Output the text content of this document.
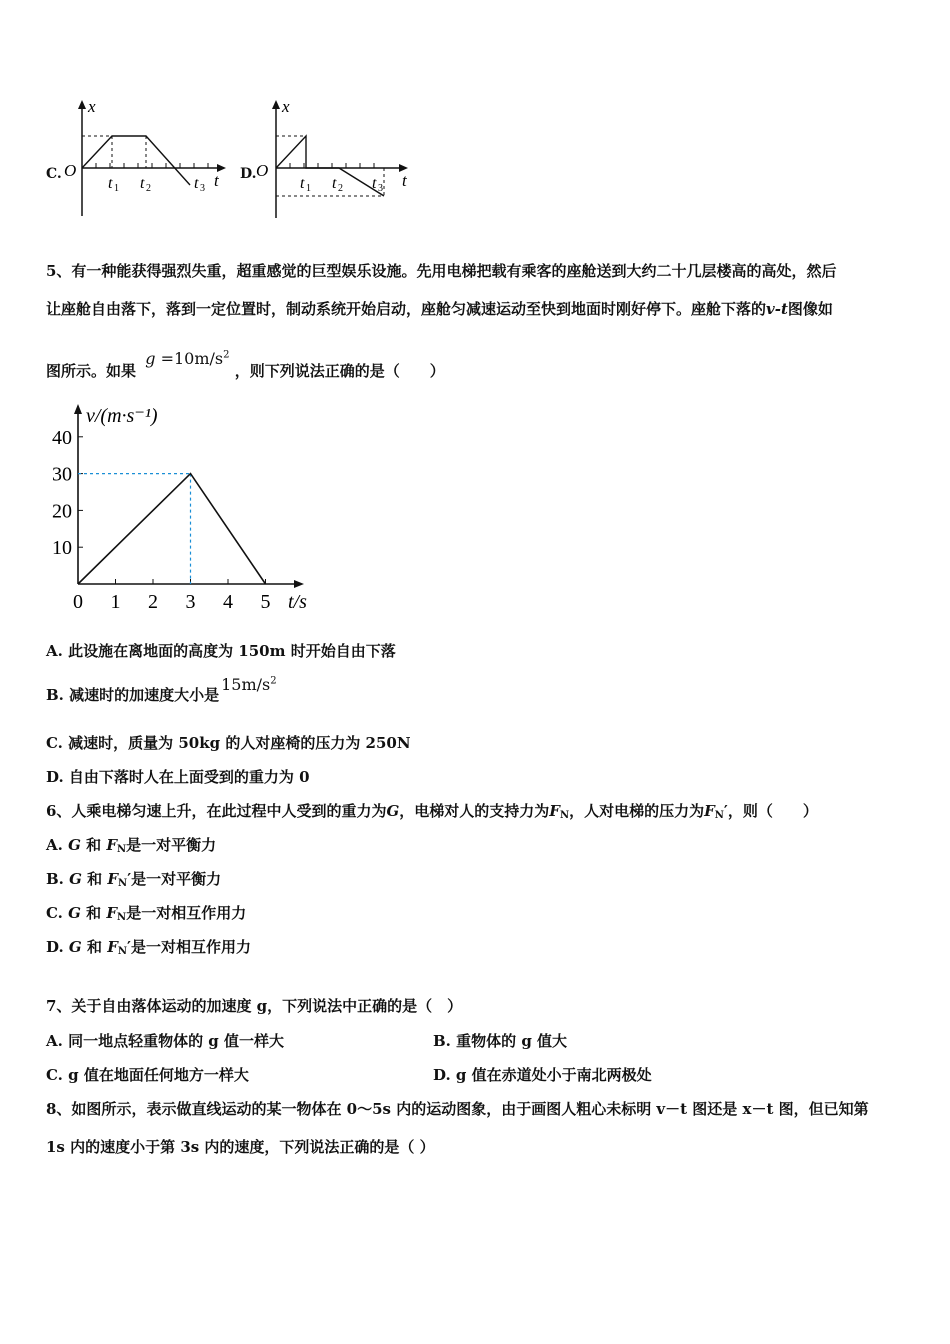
C.
x
O
t
t 1 t 2	t 3
D.
x
O
t
t 1 t 2 t 3
5、有一种能获得强烈失重，超重感觉的巨型娱乐设施。先用电梯把载有乘客的座舱送到大约二十几层楼高的高处，然后
让座舱自由落下，落到一定位置时，制动系统开始启动，座舱匀减速运动至快到地面时刚好停下。座舱下落的v-t图像如
图所示。如果 $g =10m/s^2$ ，则下列说法正确的是（　　）
10
20
30
40
0 1 2 3 4 5
v/(m·s⁻¹)
t/s
A. 此设施在离地面的高度为 150m 时开始自由下落
B. 减速时的加速度大小是$15m/s^2$
C. 减速时，质量为 50kg 的人对座椅的压力为 250N
D. 自由下落时人在上面受到的重力为 0
6、人乘电梯匀速上升，在此过程中人受到的重力为G，电梯对人的支持力为$F_N$，人对电梯的压力为$F_N'$，则（　　）
A. G 和 $F_N$是一对平衡力
B. G 和 $F_N'$是一对平衡力
C. G 和 $F_N$是一对相互作用力
D. G 和 $F_N'$是一对相互作用力
7、关于自由落体运动的加速度 g，下列说法中正确的是（　）
A. 同一地点轻重物体的 g 值一样大	B. 重物体的 g 值大
C. g 值在地面任何地方一样大	D. g 值在赤道处小于南北两极处
8、如图所示，表示做直线运动的某一物体在 0～5s 内的运动图象，由于画图人粗心未标明 v－t 图还是 x－t 图，但已知第
1s 内的速度小于第 3s 内的速度，下列说法正确的是（ ）
